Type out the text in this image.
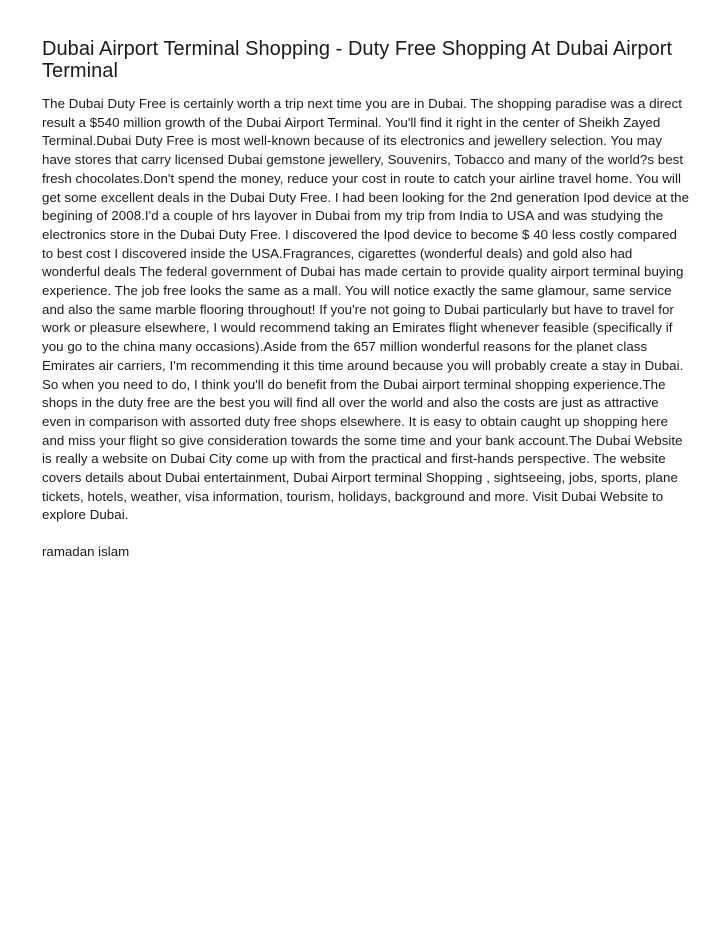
Dubai Airport Terminal Shopping - Duty Free Shopping At Dubai Airport Terminal

The Dubai Duty Free is certainly worth a trip next time you are in Dubai. The shopping paradise was a direct result a $540 million growth of the Dubai Airport Terminal. You'll find it right in the center of Sheikh Zayed Terminal.Dubai Duty Free is most well-known because of its electronics and jewellery selection. You may have stores that carry licensed Dubai gemstone jewellery, Souvenirs, Tobacco and many of the world?s best fresh chocolates.Don't spend the money, reduce your cost in route to catch your airline travel home. You will get some excellent deals in the Dubai Duty Free. I had been looking for the 2nd generation Ipod device at the begining of 2008.I'd a couple of hrs layover in Dubai from my trip from India to USA and was studying the electronics store in the Dubai Duty Free. I discovered the Ipod device to become $ 40 less costly compared to best cost I discovered inside the USA.Fragrances, cigarettes (wonderful deals) and gold also had wonderful deals The federal government of Dubai has made certain to provide quality airport terminal buying experience. The job free looks the same as a mall. You will notice exactly the same glamour, same service and also the same marble flooring throughout! If you're not going to Dubai particularly but have to travel for work or pleasure elsewhere, I would recommend taking an Emirates flight whenever feasible (specifically if you go to the china many occasions).Aside from the 657 million wonderful reasons for the planet class Emirates air carriers, I'm recommending it this time around because you will probably create a stay in Dubai. So when you need to do, I think you'll do benefit from the Dubai airport terminal shopping experience.The shops in the duty free are the best you will find all over the world and also the costs are just as attractive even in comparison with assorted duty free shops elsewhere. It is easy to obtain caught up shopping here and miss your flight so give consideration towards the some time and your bank account.The Dubai Website is really a website on Dubai City come up with from the practical and first-hands perspective. The website covers details about Dubai entertainment, Dubai Airport terminal Shopping , sightseeing, jobs, sports, plane tickets, hotels, weather, visa information, tourism, holidays, background and more. Visit Dubai Website to explore Dubai.

ramadan islam
